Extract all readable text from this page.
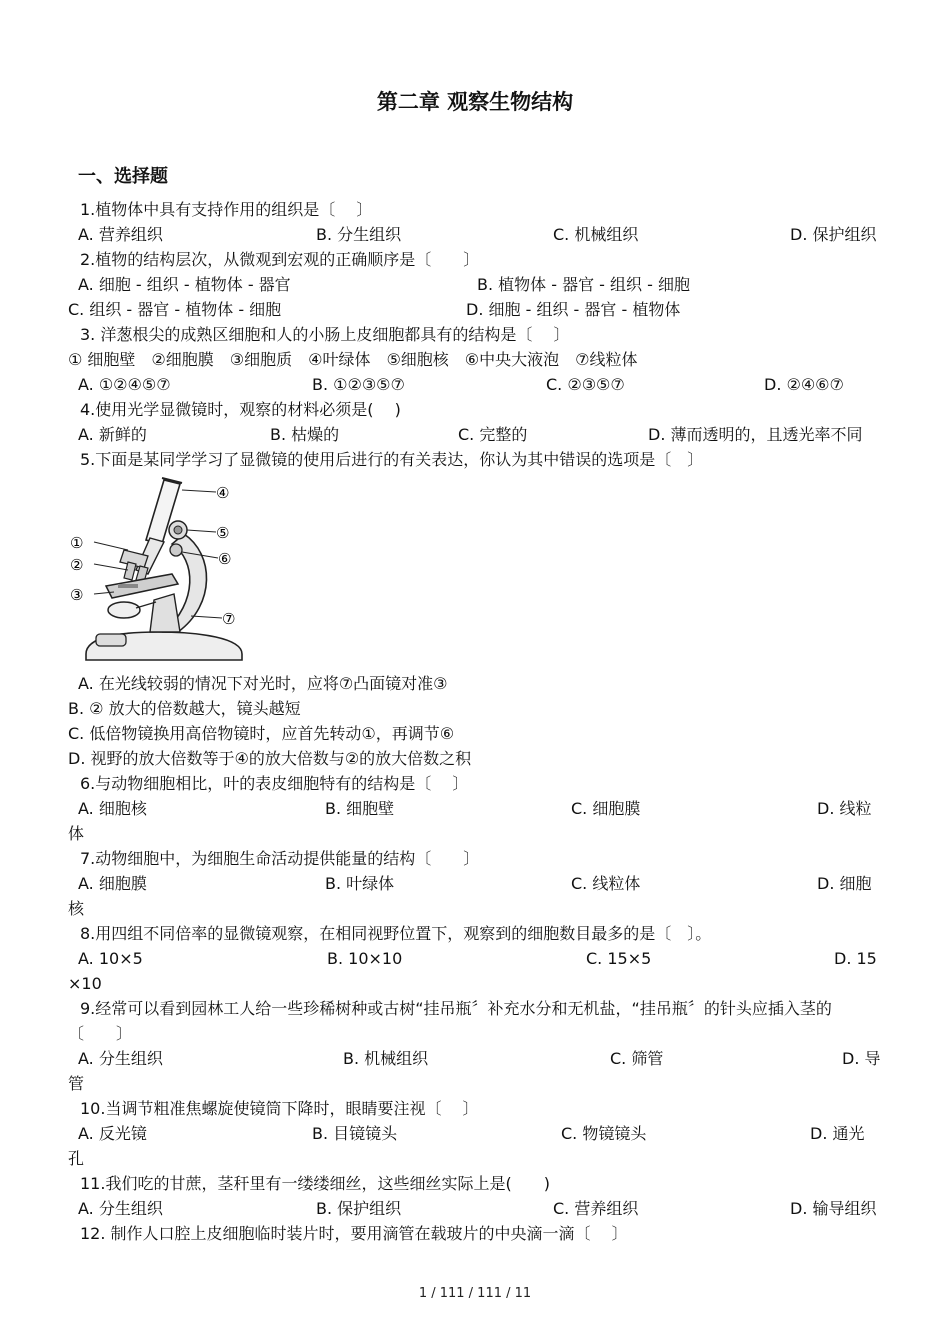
第二章 观察生物结构
一、选择题
1.植物体中具有支持作用的组织是〔　 〕
A. 营养组织	B. 分生组织	C. 机械组织	D. 保护组织
2.植物的结构层次，从微观到宏观的正确顺序是〔　　〕
A. 细胞 - 组织 - 植物体 - 器官	B. 植物体 - 器官 - 组织 - 细胞
C. 组织 - 器官 - 植物体 - 细胞	D. 细胞 - 组织 - 器官 - 植物体
3. 洋葱根尖的成熟区细胞和人的小肠上皮细胞都具有的结构是〔　 〕
① 细胞壁　②细胞膜　③细胞质　④叶绿体　⑤细胞核　⑥中央大液泡　⑦线粒体
A. ①②④⑤⑦	B. ①②③⑤⑦	C. ②③⑤⑦	D. ②④⑥⑦
4.使用光学显微镜时，观察的材料必须是(　 )
A. 新鲜的	B. 枯燥的	C. 完整的	D. 薄而透明的，且透光率不同
5.下面是某同学学习了显微镜的使用后进行的有关表达，你认为其中错误的选项是〔　〕
①
②
③
④
⑤
⑥
⑦
A. 在光线较弱的情况下对光时，应将⑦凸面镜对准③
B. ② 放大的倍数越大，镜头越短
C. 低倍物镜换用高倍物镜时，应首先转动①，再调节⑥
D. 视野的放大倍数等于④的放大倍数与②的放大倍数之积
6.与动物细胞相比，叶的表皮细胞特有的结构是〔　 〕
A. 细胞核	B. 细胞壁	C. 细胞膜	D. 线粒
体
7.动物细胞中，为细胞生命活动提供能量的结构〔　　〕
A. 细胞膜	B. 叶绿体	C. 线粒体	D. 细胞
核
8.用四组不同倍率的显微镜观察，在相同视野位置下，观察到的细胞数目最多的是〔　〕。
A. 10×5	B. 10×10	C. 15×5	D. 15
×10
9.经常可以看到园林工人给一些珍稀树种或古树“挂吊瓶〞补充水分和无机盐，“挂吊瓶〞的针头应插入茎的
〔　　〕
A. 分生组织	B. 机械组织	C. 筛管	D. 导
管
10.当调节粗准焦螺旋使镜筒下降时，眼睛要注视〔　 〕
A. 反光镜	B. 目镜镜头	C. 物镜镜头	D. 通光
孔
11.我们吃的甘蔗，茎秆里有一缕缕细丝，这些细丝实际上是(　　)
A. 分生组织	B. 保护组织	C. 营养组织	D. 输导组织
12. 制作人口腔上皮细胞临时装片时，要用滴管在载玻片的中央滴一滴〔　 〕
1 / 111 / 111 / 11
